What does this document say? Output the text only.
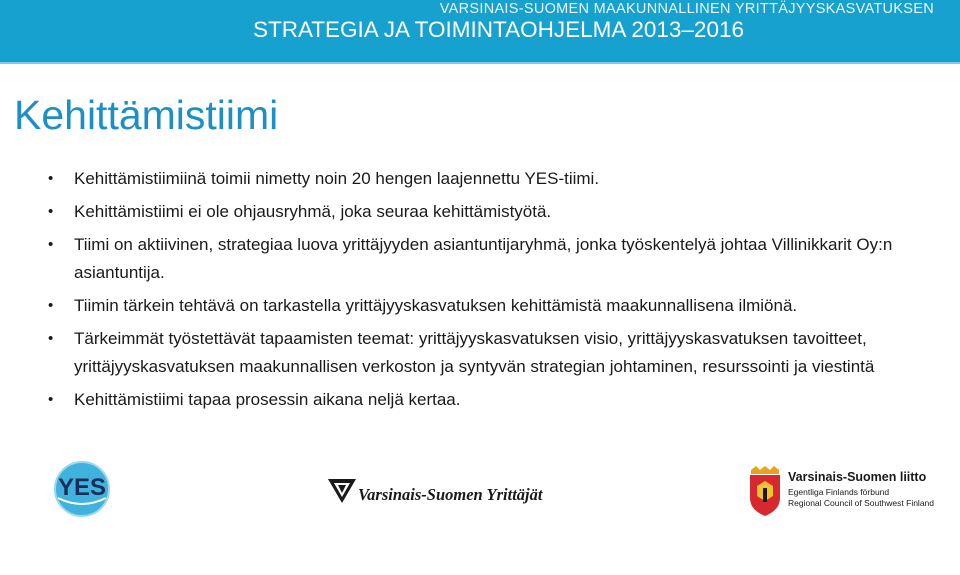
VARSINAIS-SUOMEN MAAKUNNALLINEN YRITTÄJYYSKASVATUKSEN
STRATEGIA JA TOIMINTAOHJELMA 2013–2016
Kehittämistiimi
• Kehittämistiimiinä toimii nimetty noin 20 hengen laajennettu YES-tiimi.
• Kehittämistiimi ei ole ohjausryhmä, joka seuraa kehittämistyötä.
• Tiimi on aktiivinen, strategiaa luova yrittäjyyden asiantuntijaryhmä, jonka työskentelyä johtaa Villinikkarit Oy:n asiantuntija.
• Tiimin tärkein tehtävä on tarkastella yrittäjyyskasvatuksen kehittämistä maakunnallisena ilmiönä.
• Tärkeimmät työstettävät tapaamisten teemat: yrittäjyyskasvatuksen visio, yrittäjyyskasvatuksen tavoitteet, yrittäjyyskasvatuksen maakunnallisen verkoston ja syntyvän strategian johtaminen, resurssointi ja viestintä
• Kehittämistiimi tapaa prosessin aikana neljä kertaa.
YES	Varsinais-Suomen Yrittäjät
Varsinais-Suomen liitto
Egentliga Finlands förbund
Regional Council of Southwest Finland
